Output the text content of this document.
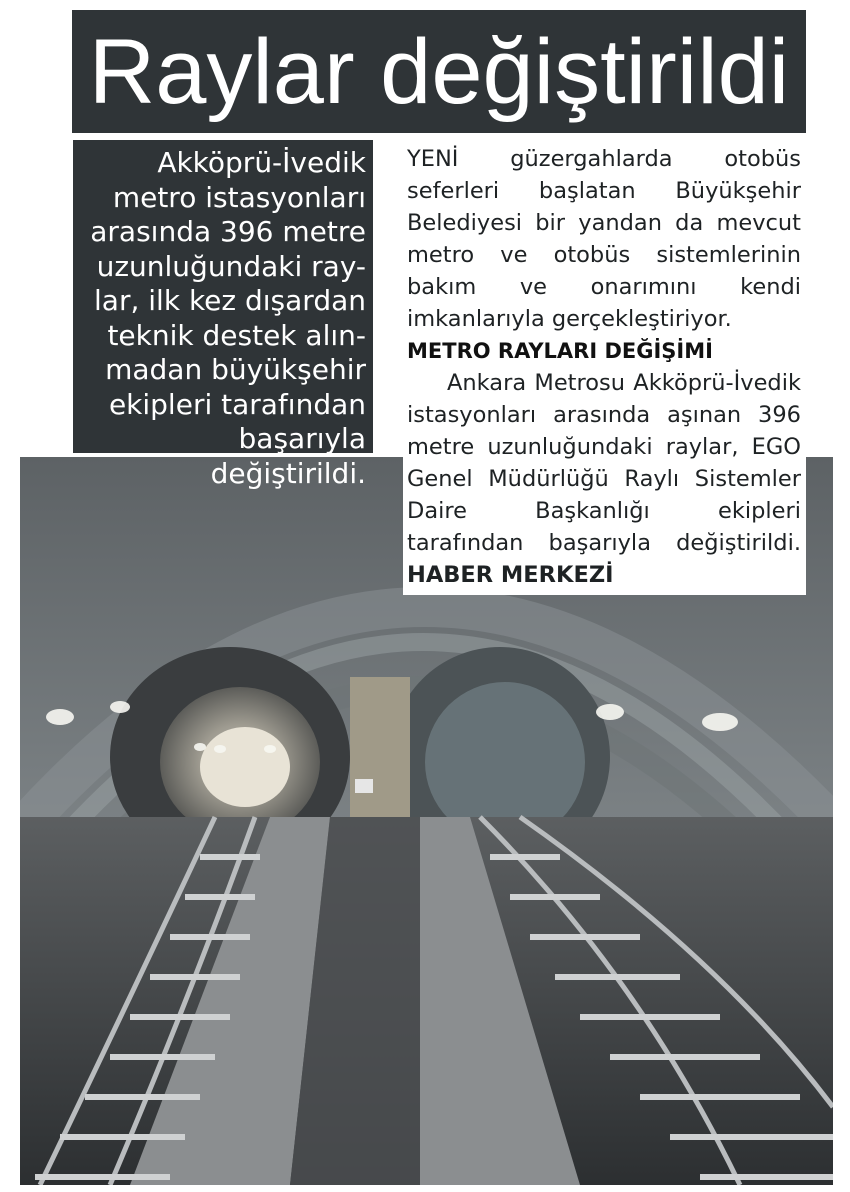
Raylar değiştirildi
Akköprü-İvedik
metro istasyonları
arasında 396 metre
uzunluğundaki ray-
lar, ilk kez dışardan
teknik destek alın-
madan büyükşehir
ekipleri tarafından
başarıyla
değiştirildi.

YENİ güzergahlarda otobüs seferleri başlatan Büyükşehir Belediyesi bir yandan da mevcut metro ve otobüs sistemlerinin bakım ve onarımını kendi imkanlarıyla gerçekleştiriyor.

METRO RAYLARI DEĞİŞİMİ

Ankara Metrosu Akköprü-İvedik istasyonları arasında aşınan 396 metre uzunluğundaki raylar, EGO Genel Müdürlüğü Raylı Sistemler Daire Başkanlığı ekipleri tarafından başarıyla değiştirildi. HABER MERKEZİ
